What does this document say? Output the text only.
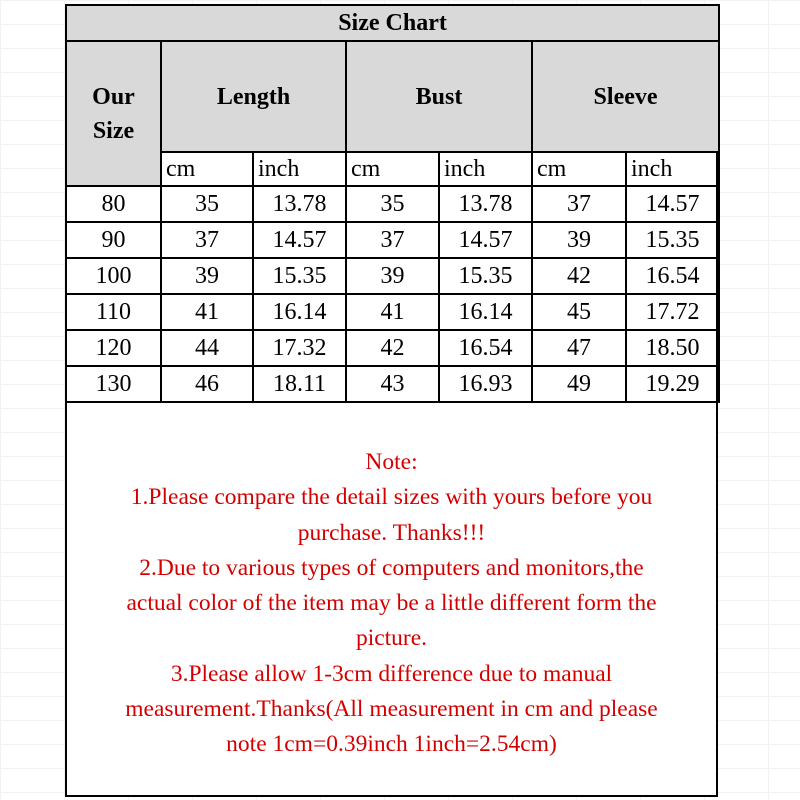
Size Chart						

Our
Size	Length		Bust		Sleeve	
	cm	inch	cm	inch	cm	inch
80	35	13.78	35	13.78	37	14.57
90	37	14.57	37	14.57	39	15.35
100	39	15.35	39	15.35	42	16.54
110	41	16.14	41	16.14	45	17.72
120	44	17.32	42	16.54	47	18.50
130	46	18.11	43	16.93	49	19.29
Note:
1.Please compare the detail sizes with yours before you
purchase. Thanks!!!
2.Due to various types of computers and monitors,the
actual color of the item may be a little different form the
picture.
3.Please allow 1-3cm difference due to manual
measurement.Thanks(All measurement in cm and please
note 1cm=0.39inch 1inch=2.54cm)
